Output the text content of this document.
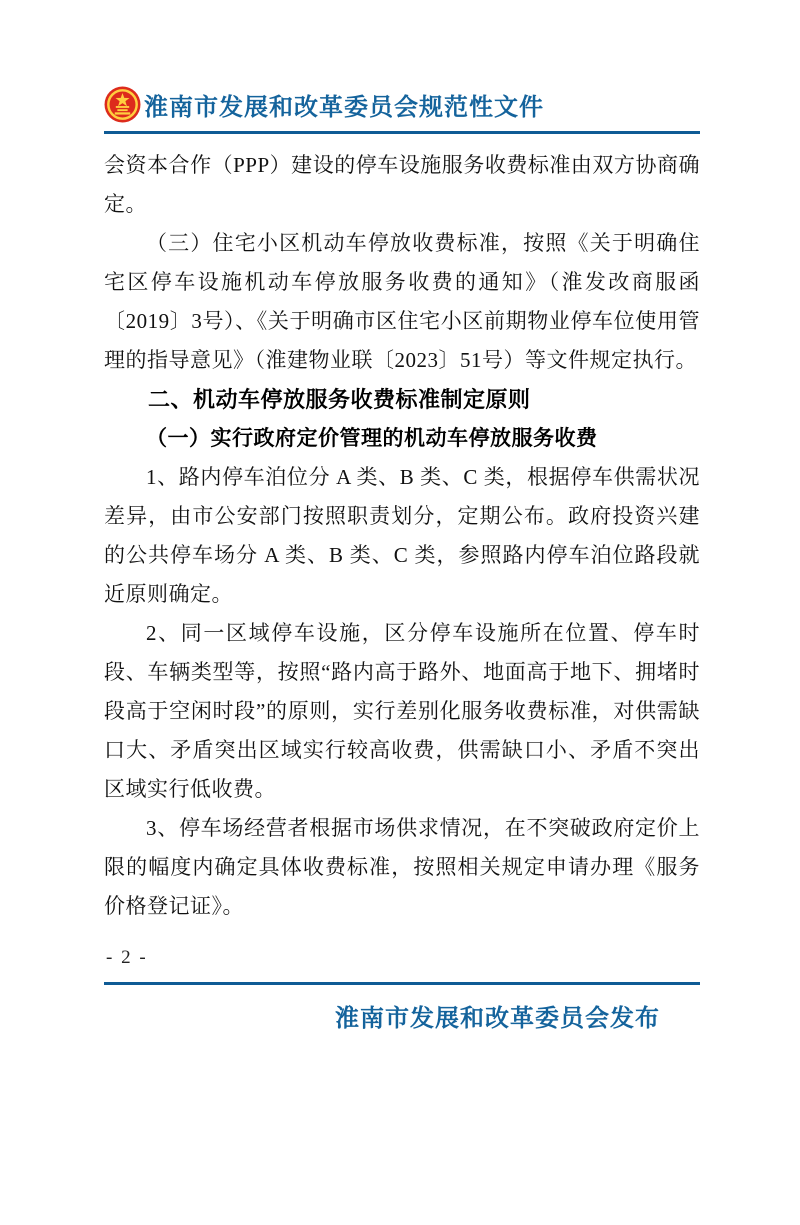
淮南市发展和改革委员会规范性文件

会资本合作（PPP）建设的停车设施服务收费标准由双方协商确定。

（三）住宅小区机动车停放收费标准，按照《关于明确住宅区停车设施机动车停放服务收费的通知》（淮发改商服函〔2019〕3号）、《关于明确市区住宅小区前期物业停车位使用管理的指导意见》（淮建物业联〔2023〕51号）等文件规定执行。

二、机动车停放服务收费标准制定原则
（一）实行政府定价管理的机动车停放服务收费

1、路内停车泊位分 A 类、B 类、C 类，根据停车供需状况差异，由市公安部门按照职责划分，定期公布。政府投资兴建的公共停车场分 A 类、B 类、C 类，参照路内停车泊位路段就近原则确定。

2、同一区域停车设施，区分停车设施所在位置、停车时段、车辆类型等，按照“路内高于路外、地面高于地下、拥堵时段高于空闲时段”的原则，实行差别化服务收费标准，对供需缺口大、矛盾突出区域实行较高收费，供需缺口小、矛盾不突出区域实行低收费。

3、停车场经营者根据市场供求情况，在不突破政府定价上限的幅度内确定具体收费标准，按照相关规定申请办理《服务价格登记证》。

- 2 -
淮南市发展和改革委员会发布
